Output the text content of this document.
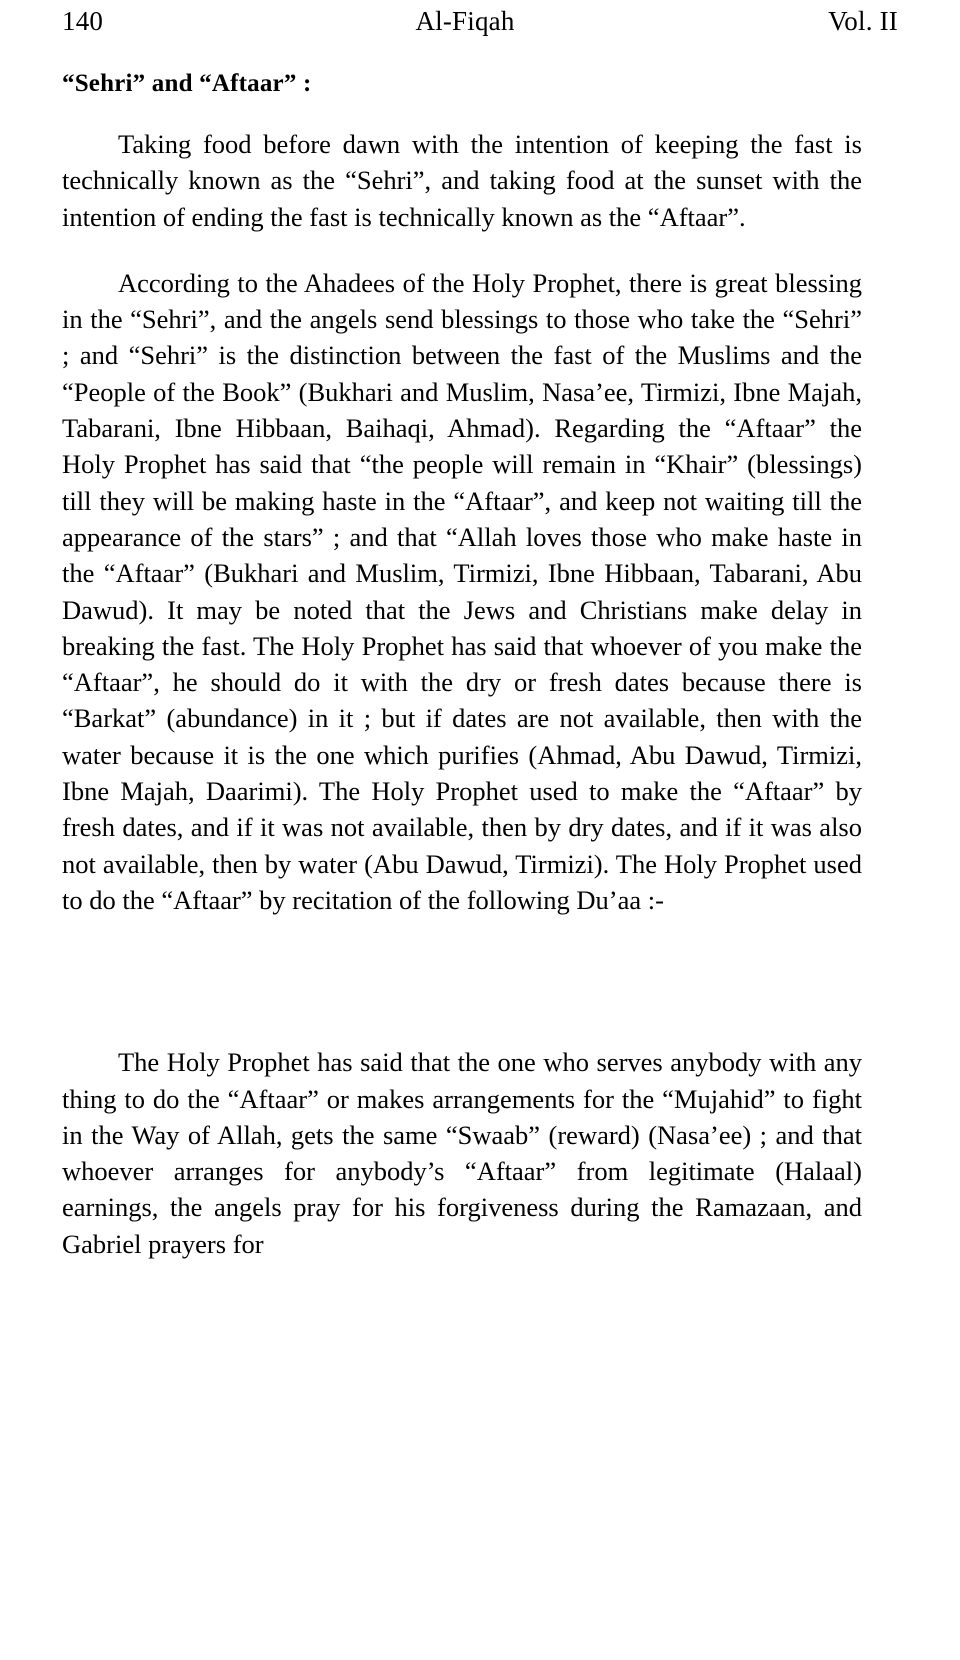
140	Al-Fiqah	Vol. II
“Sehri” and “Aftaar” :

Taking food before dawn with the intention of keeping the fast is technically known as the “Sehri”, and taking food at the sunset with the intention of ending the fast is technically known as the “Aftaar”.

According to the Ahadees of the Holy Prophet, there is great blessing in the “Sehri”, and the angels send blessings to those who take the “Sehri” ; and “Sehri” is the distinction between the fast of the Muslims and the “People of the Book” (Bukhari and Muslim, Nasa’ee, Tirmizi, Ibne Majah, Tabarani, Ibne Hibbaan, Baihaqi, Ahmad). Regarding the “Aftaar” the Holy Prophet has said that “the people will remain in “Khair” (blessings) till they will be making haste in the “Aftaar”, and keep not waiting till the appearance of the stars” ; and that “Allah loves those who make haste in the “Aftaar” (Bukhari and Muslim, Tirmizi, Ibne Hibbaan, Tabarani, Abu Dawud). It may be noted that the Jews and Christians make delay in breaking the fast. The Holy Prophet has said that whoever of you make the “Aftaar”, he should do it with the dry or fresh dates because there is “Barkat” (abundance) in it ; but if dates are not available, then with the water because it is the one which purifies (Ahmad, Abu Dawud, Tirmizi, Ibne Majah, Daarimi). The Holy Prophet used to make the “Aftaar” by fresh dates, and if it was not available, then by dry dates, and if it was also not available, then by water (Abu Dawud, Tirmizi). The Holy Prophet used to do the “Aftaar” by recitation of the following Du’aa :-

The Holy Prophet has said that the one who serves anybody with any thing to do the “Aftaar” or makes arrangements for the “Mujahid” to fight in the Way of Allah, gets the same “Swaab” (reward) (Nasa’ee) ; and that whoever arranges for anybody’s “Aftaar” from legitimate (Halaal) earnings, the angels pray for his forgiveness during the Ramazaan, and Gabriel prayers for
